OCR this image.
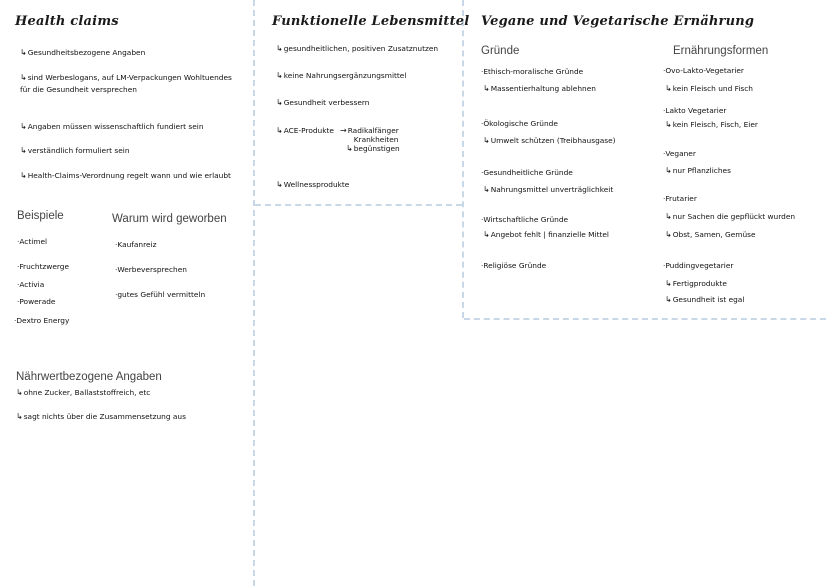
Health claims
↳Gesundheitsbezogene Angaben
↳sind Werbeslogans, auf LM-Verpackungen Wohltuendes
für die Gesundheit versprechen
↳Angaben müssen wissenschaftlich fundiert sein
↳verständlich formuliert sein
↳Health-Claims-Verordnung regelt wann und wie erlaubt
Beispiele
·Actimel
·Fruchtzwerge
·Activia
·Powerade
·Dextro Energy
Warum wird geworben
·Kaufanreiz
·Werbeversprechen
·gutes Gefühl vermitteln
Nährwertbezogene Angaben
↳ohne Zucker, Ballaststoffreich, etc
↳sagt nichts über die Zusammensetzung aus
Funktionelle Lebensmittel
↳gesundheitlichen, positiven Zusatznutzen
↳keine Nahrungsergänzungsmittel
↳Gesundheit verbessern
↳ACE-Produkte →Radikalfänger
↳Krankheiten begünstigen
↳Wellnessprodukte
Vegane und Vegetarische Ernährung
Gründe
·Ethisch-moralische Gründe
↳Massentierhaltung ablehnen
·Ökologische Gründe
↳Umwelt schützen (Treibhausgase)
·Gesundheitliche Gründe
↳Nahrungsmittel unverträglichkeit
·Wirtschaftliche Gründe
↳Angebot fehlt | finanzielle Mittel
·Religiöse Gründe
Ernährungsformen
·Ovo-Lakto-Vegetarier
↳kein Fleisch und Fisch
·Lakto Vegetarier
↳kein Fleisch, Fisch, Eier
·Veganer
↳nur Pflanzliches
·Frutarier
↳nur Sachen die gepflückt wurden
↳Obst, Samen, Gemüse
·Puddingvegetarier
↳Fertigprodukte
↳Gesundheit ist egal
